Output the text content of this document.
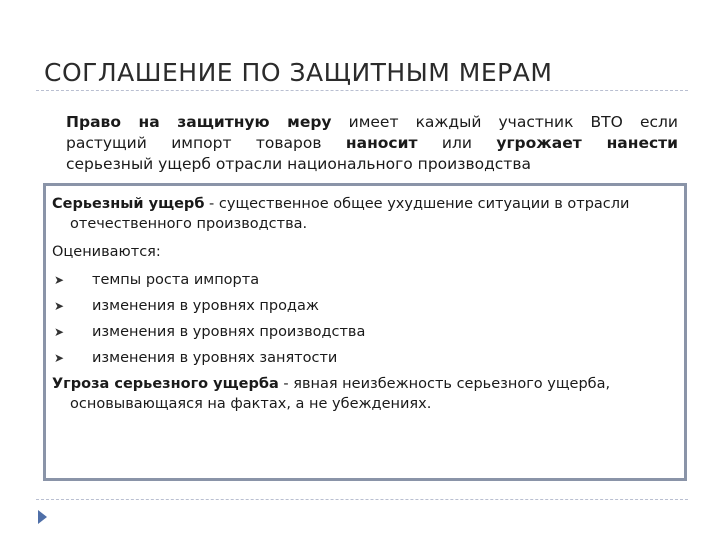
СОГЛАШЕНИЕ ПО ЗАЩИТНЫМ МЕРАМ
Право на защитную меру имеет каждый участник ВТО если
растущий импорт товаров наносит или угрожает нанести
серьезный ущерб отрасли национального производства

Серьезный ущерб - существенное общее ухудшение ситуации в отрасли
отечественного производства.

Оцениваются:

➤	темпы роста импорта
➤	изменения в уровнях продаж
➤	изменения в уровнях производства
➤	изменения в уровнях занятости

Угроза серьезного ущерба - явная неизбежность серьезного ущерба,
основывающаяся на фактах, а не убеждениях.
